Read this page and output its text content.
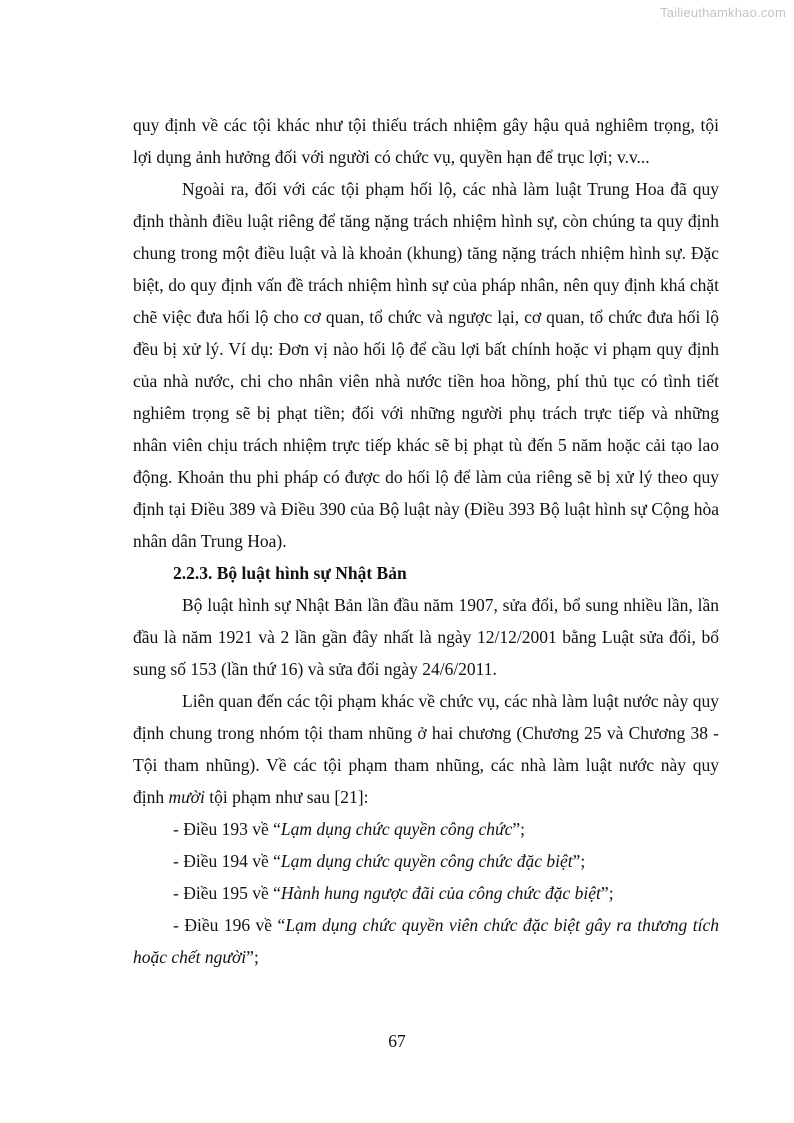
Tailieuthamkhao.com

quy định về các tội khác như tội thiếu trách nhiệm gây hậu quả nghiêm trọng, tội lợi dụng ảnh hưởng đối với người có chức vụ, quyền hạn để trục lợi; v.v...

Ngoài ra, đối với các tội phạm hối lộ, các nhà làm luật Trung Hoa đã quy định thành điều luật riêng để tăng nặng trách nhiệm hình sự, còn chúng ta quy định chung trong một điều luật và là khoản (khung) tăng nặng trách nhiệm hình sự. Đặc biệt, do quy định vấn đề trách nhiệm hình sự của pháp nhân, nên quy định khá chặt chẽ việc đưa hối lộ cho cơ quan, tổ chức và ngược lại, cơ quan, tổ chức đưa hối lộ đều bị xử lý. Ví dụ: Đơn vị nào hối lộ để cầu lợi bất chính hoặc vi phạm quy định của nhà nước, chi cho nhân viên nhà nước tiền hoa hồng, phí thủ tục có tình tiết nghiêm trọng sẽ bị phạt tiền; đối với những người phụ trách trực tiếp và những nhân viên chịu trách nhiệm trực tiếp khác sẽ bị phạt tù đến 5 năm hoặc cải tạo lao động. Khoản thu phi pháp có được do hối lộ để làm của riêng sẽ bị xử lý theo quy định tại Điều 389 và Điều 390 của Bộ luật này (Điều 393 Bộ luật hình sự Cộng hòa nhân dân Trung Hoa).

2.2.3. Bộ luật hình sự Nhật Bản

Bộ luật hình sự Nhật Bản lần đầu năm 1907, sửa đổi, bổ sung nhiều lần, lần đầu là năm 1921 và 2 lần gần đây nhất là ngày 12/12/2001 bằng Luật sửa đổi, bổ sung số 153 (lần thứ 16) và sửa đổi ngày 24/6/2011.

Liên quan đến các tội phạm khác về chức vụ, các nhà làm luật nước này quy định chung trong nhóm tội tham nhũng ở hai chương (Chương 25 và Chương 38 - Tội tham nhũng). Về các tội phạm tham nhũng, các nhà làm luật nước này quy định mười tội phạm như sau [21]:

- Điều 193 về “Lạm dụng chức quyền công chức”;

- Điều 194 về “Lạm dụng chức quyền công chức đặc biệt”;

- Điều 195 về “Hành hung ngược đãi của công chức đặc biệt”;

- Điều 196 về “Lạm dụng chức quyền viên chức đặc biệt gây ra thương tích hoặc chết người”;

67
